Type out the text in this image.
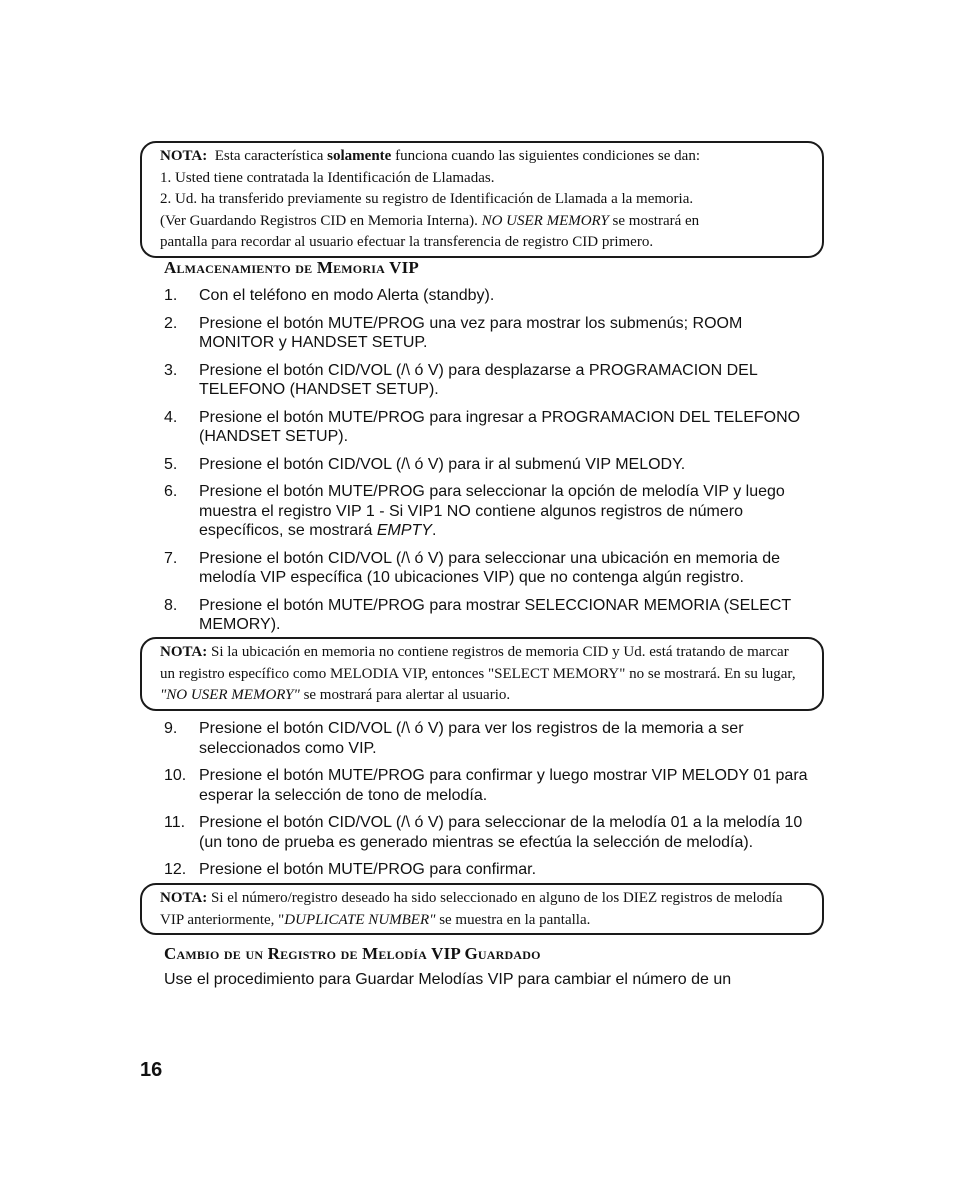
NOTA: Esta característica solamente funciona cuando las siguientes condiciones se dan:
1. Usted tiene contratada la Identificación de Llamadas.
2. Ud. ha transferido previamente su registro de Identificación de Llamada a la memoria.
(Ver Guardando Registros CID en Memoria Interna). NO USER MEMORY se mostrará en
pantalla para recordar al usuario efectuar la transferencia de registro CID primero.
Almacenamiento de Memoria VIP
1. Con el teléfono en modo Alerta (standby).
2. Presione el botón MUTE/PROG una vez para mostrar los submenús; ROOM MONITOR y HANDSET SETUP.
3. Presione el botón CID/VOL (/\ ó V) para desplazarse a PROGRAMACION DEL TELEFONO (HANDSET SETUP).
4. Presione el botón MUTE/PROG para ingresar a PROGRAMACION DEL TELEFONO (HANDSET SETUP).
5. Presione el botón CID/VOL (/\ ó V) para ir al submenú VIP MELODY.
6. Presione el botón MUTE/PROG para seleccionar la opción de melodía VIP y luego muestra el registro VIP 1 - Si VIP1 NO contiene algunos registros de número específicos, se mostrará EMPTY.
7. Presione el botón CID/VOL (/\ ó V) para seleccionar una ubicación en memoria de melodía VIP específica (10 ubicaciones VIP) que no contenga algún registro.
8. Presione el botón MUTE/PROG para mostrar SELECCIONAR MEMORIA (SELECT MEMORY).
NOTA: Si la ubicación en memoria no contiene registros de memoria CID y Ud. está tratando de marcar un registro específico como MELODIA VIP, entonces "SELECT MEMORY" no se mostrará. En su lugar, "NO USER MEMORY" se mostrará para alertar al usuario.
9. Presione el botón CID/VOL (/\ ó V) para ver los registros de la memoria a ser seleccionados como VIP.
10. Presione el botón MUTE/PROG para confirmar y luego mostrar VIP MELODY 01 para esperar la selección de tono de melodía.
11. Presione el botón CID/VOL (/\ ó V) para seleccionar de la melodía 01 a la melodía 10 (un tono de prueba es generado mientras se efectúa la selección de melodía).
12. Presione el botón MUTE/PROG para confirmar.
NOTA: Si el número/registro deseado ha sido seleccionado en alguno de los DIEZ registros de melodía VIP anteriormente, "DUPLICATE NUMBER" se muestra en la pantalla.
Cambio de un Registro de Melodía VIP Guardado
Use el procedimiento para Guardar Melodías VIP para cambiar el número de un
16
